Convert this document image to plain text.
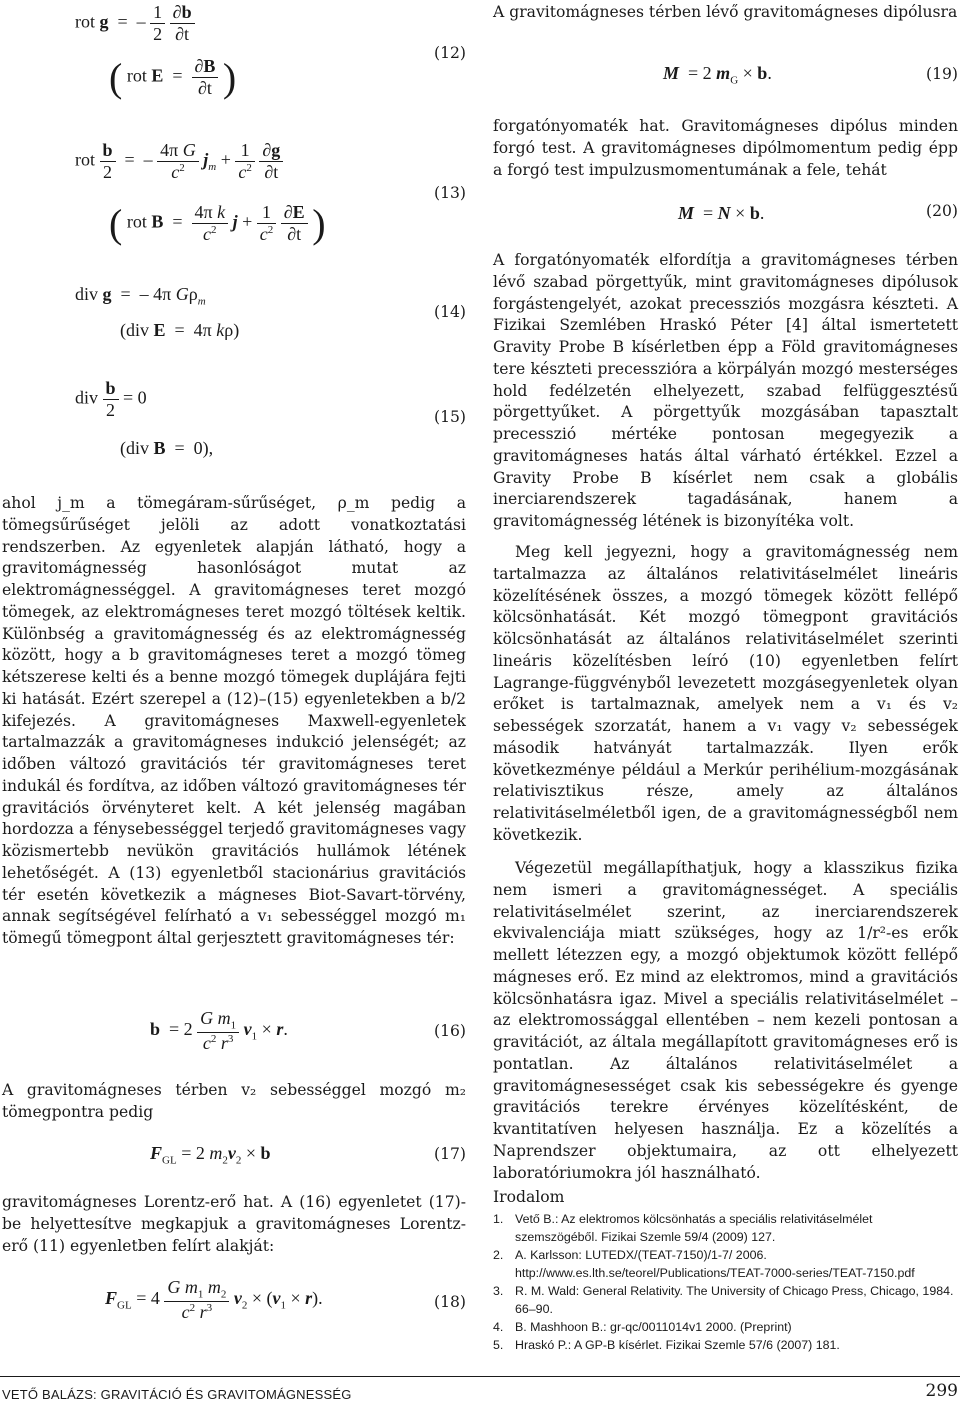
rot g  =  – $\frac{1}{2}$
$\frac{\partial b}{\partial t}$
( rot $E = \frac{\partial B}{\partial t}$ )
(12)
rot $\frac{b}{2}$ =  – $\frac{\text{4π G}}{c^2} j_m + \frac{1}{c^2}$
$\frac{\partial g}{\partial t}$
( rot $B = \frac{\text{4π k}}{c^2}$ $j + \frac{1}{c^2}$
$\frac{\partial E}{\partial t}$ )
(13)
div g  =  – 4π $G\rho_m$
(div E  =  4π kρ)
(14)
div $\frac{b}{2} = 0$
(div B  =  0),
(15)

ahol j_m a tömegáram-sűrűséget, ρ_m pedig a tömegsűrűséget jelöli az adott vonatkoztatási rendszerben. Az egyenletek alapján látható, hogy a gravitomágnesség hasonlóságot mutat az elektromágnességgel. A gravitomágneses teret mozgó tömegek, az elektromágneses teret mozgó töltések keltik. Különbség a gravitomágnesség és az elektromágnesség között, hogy a b gravitomágneses teret a mozgó tömeg kétszerese kelti és a benne mozgó tömegek duplájára fejti ki hatását. Ezért szerepel a (12)–(15) egyenletekben a b/2 kifejezés. A gravitomágneses Maxwell-egyenletek tartalmazzák a gravitomágneses indukció jelenségét; az időben változó gravitációs tér gravitomágneses teret indukál és fordítva, az időben változó gravitomágneses tér gravitációs örvényteret kelt. A két jelenség magában hordozza a fénysebességgel terjedő gravitomágneses vagy közismertebb nevükön gravitációs hullámok létének lehetőségét. A (13) egyenletből stacionárius gravitációs tér esetén következik a mágneses Biot-Savart-törvény, annak segítségével felírható a v₁ sebességgel mozgó m₁ tömegű tömegpont által gerjesztett gravitomágneses tér:

$b = 2 \frac{G m_1}{c^2 r^3} v_1 \times r$.	(16)

A gravitomágneses térben v₂ sebességgel mozgó m₂ tömegpontra pedig

$F_{GL} = 2$ $m_2v_2 \times b$	(17)

gravitomágneses Lorentz-erő hat. A (16) egyenletet (17)-be helyettesítve megkapjuk a gravitomágneses Lorentz-erő (11) egyenletben felírt alakját:

$F_{GL} = 4 \frac{G m_1 m_2}{c^2 r^3} v_2 \times (v_1 \times r)$.	(18)

A gravitomágneses térben lévő gravitomágneses dipólusra

M  = 2 $m_G \times b$.	(19)

forgatónyomaték hat. Gravitomágneses dipólus minden forgó test. A gravitomágneses dipólmomentum pedig épp a forgó test impulzusmomentumának a fele, tehát

M  = N × b.	(20)

A forgatónyomaték elfordítja a gravitomágneses térben lévő szabad pörgettyűk, mint gravitomágneses dipólusok forgástengelyét, azokat precessziós mozgásra készteti. A Fizikai Szemlében Hraskó Péter [4] által ismertetett Gravity Probe B kísérletben épp a Föld gravitomágneses tere készteti precesszióra a körpályán mozgó mesterséges hold fedélzetén elhelyezett, szabad felfüggesztésű pörgettyűket. A pörgettyűk mozgásában tapasztalt precesszió mértéke pontosan megegyezik a gravitomágneses hatás által várható értékkel. Ezzel a Gravity Probe B kísérlet nem csak a globális inerciarendszerek tagadásának, hanem a gravitomágnesség létének is bizonyítéka volt.

Meg kell jegyezni, hogy a gravitomágnesség nem tartalmazza az általános relativitáselmélet lineáris közelítésének összes, a mozgó tömegek között fellépő kölcsönhatását. Két mozgó tömegpont gravitációs kölcsönhatását az általános relativitáselmélet szerinti lineáris közelítésben leíró (10) egyenletben felírt Lagrange-függvényből levezetett mozgásegyenletek olyan erőket is tartalmaznak, amelyek nem a v₁ és v₂ sebességek szorzatát, hanem a v₁ vagy v₂ sebességek második hatványát tartalmazzák. Ilyen erők következménye például a Merkúr perihélium-mozgásának relativisztikus része, amely az általános relativitáselméletből igen, de a gravitomágnességből nem következik.

Végezetül megállapíthatjuk, hogy a klasszikus fizika nem ismeri a gravitomágnességet. A speciális relativitáselmélet szerint, az inerciarendszerek ekvivalenciája miatt szükséges, hogy az 1/r²-es erők mellett létezzen egy, a mozgó objektumok között fellépő mágneses erő. Ez mind az elektromos, mind a gravitációs kölcsönhatásra igaz. Mivel a speciális relativitáselmélet – az elektromossággal ellentében – nem kezeli pontosan a gravitációt, az általa megállapított gravitomágneses erő is pontatlan. Az általános relativitáselmélet a gravitomágnesességet csak kis sebességekre és gyenge gravitációs terekre érvényes közelítésként, de kvantitatíven helyesen használja. Ez a közelítés a Naprendszer objektumaira, az ott elhelyezett laboratóriumokra jól használható.

Irodalom

1. Vető B.: Az elektromos kölcsönhatás a speciális relativitáselmélet szemszögéből. Fizikai Szemle 59/4 (2009) 127.
2. A. Karlsson: LUTEDX/(TEAT-7150)/1-7/ 2006. http://www.es.lth.se/teorel/Publications/TEAT-7000-series/TEAT-7150.pdf
3. R. M. Wald: General Relativity. The University of Chicago Press, Chicago, 1984. 66–90.
4. B. Mashhoon B.: gr-qc/0011014v1 2000. (Preprint)
5. Hraskó P.: A GP-B kísérlet. Fizikai Szemle 57/6 (2007) 181.
VETŐ BALÁZS: GRAVITÁCIÓ ÉS GRAVITOMÁGNESSÉG	299
